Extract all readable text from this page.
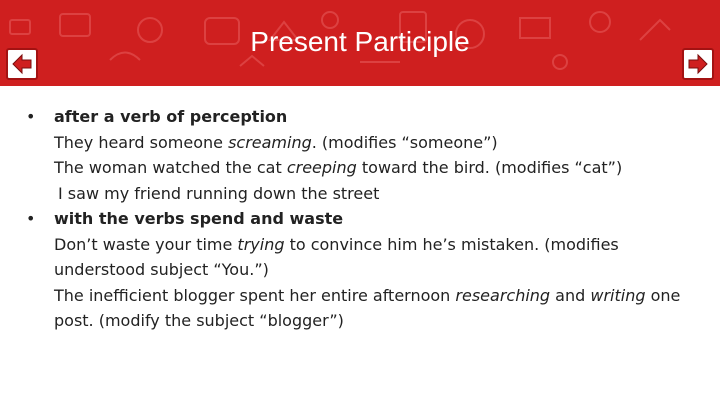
Present Participle
•	after a verb of perception
They heard someone screaming. (modifies “someone”)
The woman watched the cat creeping toward the bird. (modifies “cat”)
I saw my friend running down the street
•	with the verbs spend and waste
Don’t waste your time trying to convince him he’s mistaken. (modifies understood subject “You.”)
The inefficient blogger spent her entire afternoon researching and writing one post. (modify the subject “blogger”)
